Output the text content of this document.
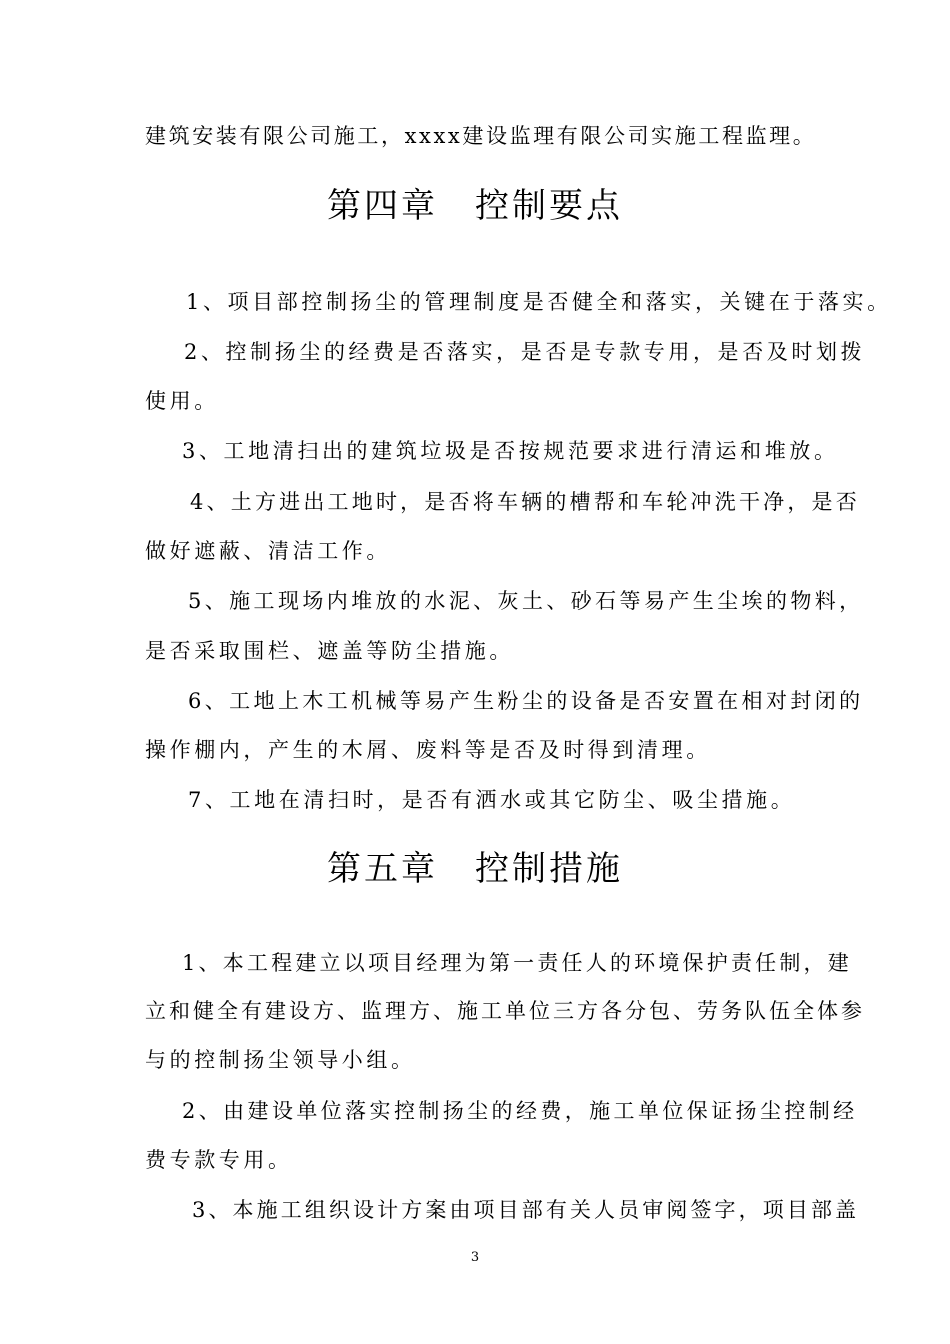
建筑安装有限公司施工，xxxx建设监理有限公司实施工程监理。
第四章　控制要点
1、项目部控制扬尘的管理制度是否健全和落实，关键在于落实。
2、控制扬尘的经费是否落实，是否是专款专用，是否及时划拨
使用。
3、工地清扫出的建筑垃圾是否按规范要求进行清运和堆放。
4、土方进出工地时，是否将车辆的槽帮和车轮冲洗干净，是否
做好遮蔽、清洁工作。
5、施工现场内堆放的水泥、灰土、砂石等易产生尘埃的物料，
是否采取围栏、遮盖等防尘措施。
6、工地上木工机械等易产生粉尘的设备是否安置在相对封闭的
操作棚内，产生的木屑、废料等是否及时得到清理。
7、工地在清扫时，是否有洒水或其它防尘、吸尘措施。
第五章　控制措施
1、本工程建立以项目经理为第一责任人的环境保护责任制，建
立和健全有建设方、监理方、施工单位三方各分包、劳务队伍全体参
与的控制扬尘领导小组。
2、由建设单位落实控制扬尘的经费，施工单位保证扬尘控制经
费专款专用。
3、本施工组织设计方案由项目部有关人员审阅签字，项目部盖
3
